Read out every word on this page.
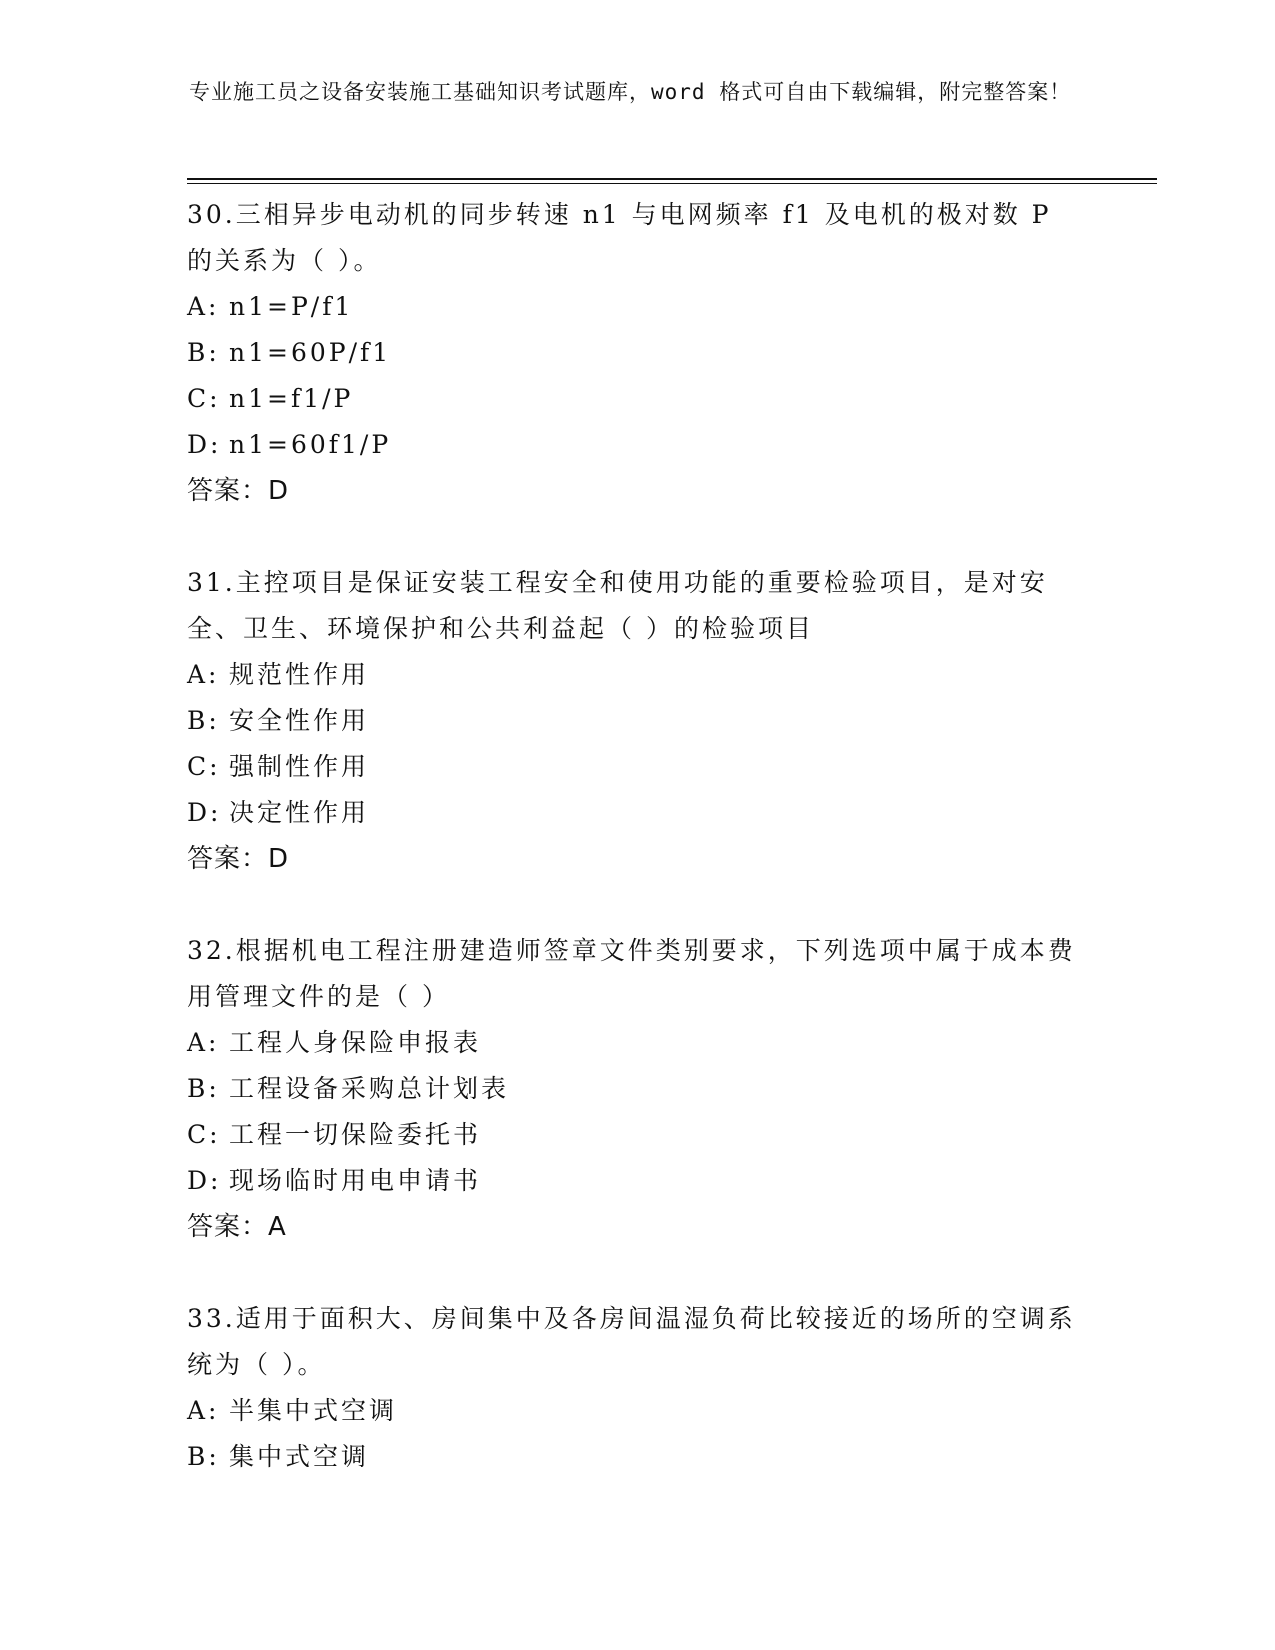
专业施工员之设备安装施工基础知识考试题库，word 格式可自由下载编辑，附完整答案！

30.三相异步电动机的同步转速 n1 与电网频率 f1 及电机的极对数 P 的关系为（ ）。

A: n1=P/f1

B: n1=60P/f1

C: n1=f1/P

D: n1=60f1/P

答案：D

31.主控项目是保证安装工程安全和使用功能的重要检验项目，是对安全、卫生、环境保护和公共利益起（ ）的检验项目

A: 规范性作用

B: 安全性作用

C: 强制性作用

D: 决定性作用

答案：D

32.根据机电工程注册建造师签章文件类别要求，下列选项中属于成本费用管理文件的是（ ）

A: 工程人身保险申报表

B: 工程设备采购总计划表

C: 工程一切保险委托书

D: 现场临时用电申请书

答案：A

33.适用于面积大、房间集中及各房间温湿负荷比较接近的场所的空调系统为（ ）。

A: 半集中式空调

B: 集中式空调
